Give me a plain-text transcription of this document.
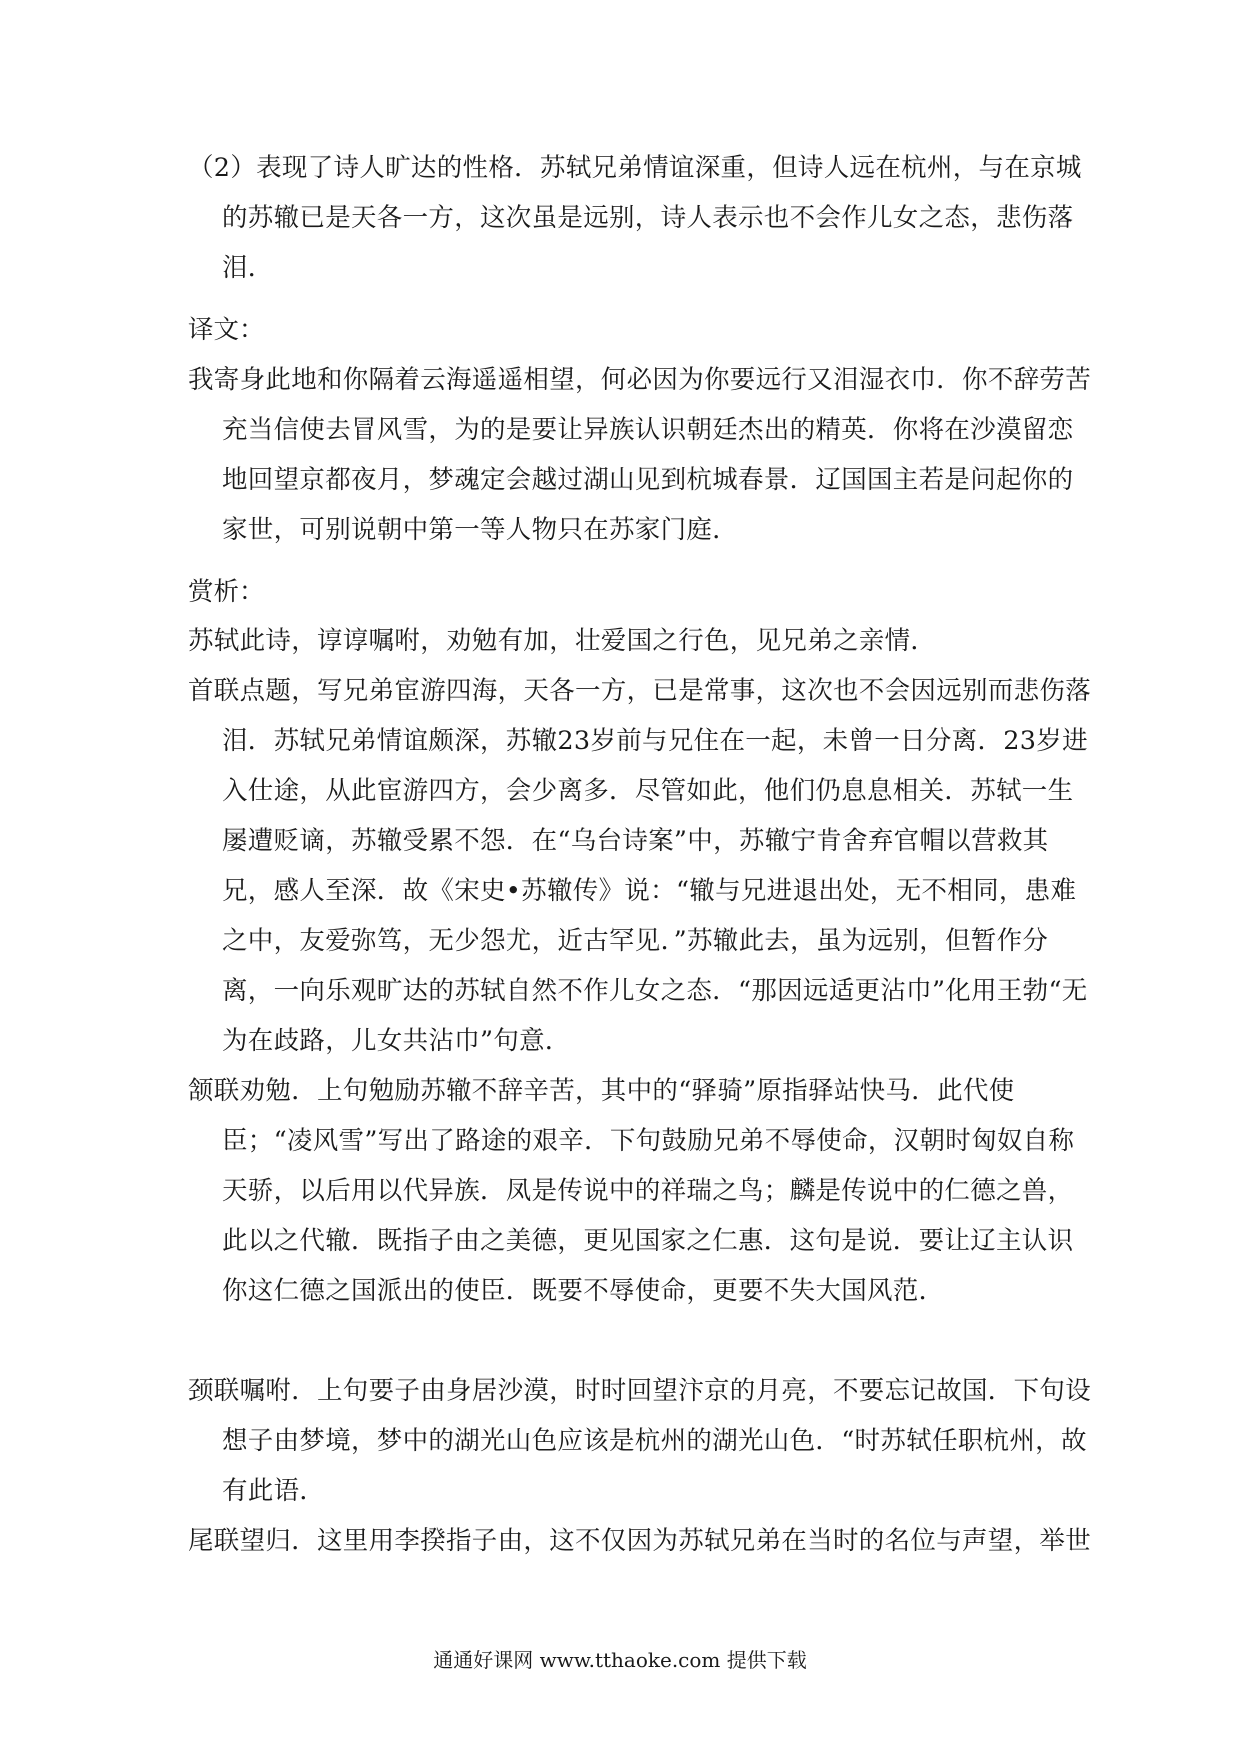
（2）表现了诗人旷达的性格．苏轼兄弟情谊深重，但诗人远在杭州，与在京城的苏辙已是天各一方，这次虽是远别，诗人表示也不会作儿女之态，悲伤落泪．

译文：

我寄身此地和你隔着云海遥遥相望，何必因为你要远行又泪湿衣巾．你不辞劳苦充当信使去冒风雪，为的是要让异族认识朝廷杰出的精英．你将在沙漠留恋地回望京都夜月，梦魂定会越过湖山见到杭城春景．辽国国主若是问起你的家世，可别说朝中第一等人物只在苏家门庭．

赏析：

苏轼此诗，谆谆嘱咐，劝勉有加，壮爱国之行色，见兄弟之亲情．

首联点题，写兄弟宦游四海，天各一方，已是常事，这次也不会因远别而悲伤落泪．苏轼兄弟情谊颇深，苏辙23岁前与兄住在一起，未曾一日分离．23岁进入仕途，从此宦游四方，会少离多．尽管如此，他们仍息息相关．苏轼一生屡遭贬谪，苏辙受累不怨．在“乌台诗案”中，苏辙宁肯舍弃官帽以营救其兄，感人至深．故《宋史•苏辙传》说：“辙与兄进退出处，无不相同，患难之中，友爱弥笃，无少怨尤，近古罕见．”苏辙此去，虽为远别，但暂作分离，一向乐观旷达的苏轼自然不作儿女之态．“那因远适更沾巾”化用王勃“无为在歧路，儿女共沾巾”句意．

颔联劝勉．上句勉励苏辙不辞辛苦，其中的“驿骑”原指驿站快马．此代使臣；“凌风雪”写出了路途的艰辛．下句鼓励兄弟不辱使命，汉朝时匈奴自称天骄，以后用以代异族．凤是传说中的祥瑞之鸟；麟是传说中的仁德之兽，此以之代辙．既指子由之美德，更见国家之仁惠．这句是说．要让辽主认识你这仁德之国派出的使臣．既要不辱使命，更要不失大国风范．

颈联嘱咐．上句要子由身居沙漠，时时回望汴京的月亮，不要忘记故国．下句设想子由梦境，梦中的湖光山色应该是杭州的湖光山色．“时苏轼任职杭州，故有此语．

尾联望归．这里用李揆指子由，这不仅因为苏轼兄弟在当时的名位与声望，举世

通通好课网 www.tthaoke.com 提供下载
